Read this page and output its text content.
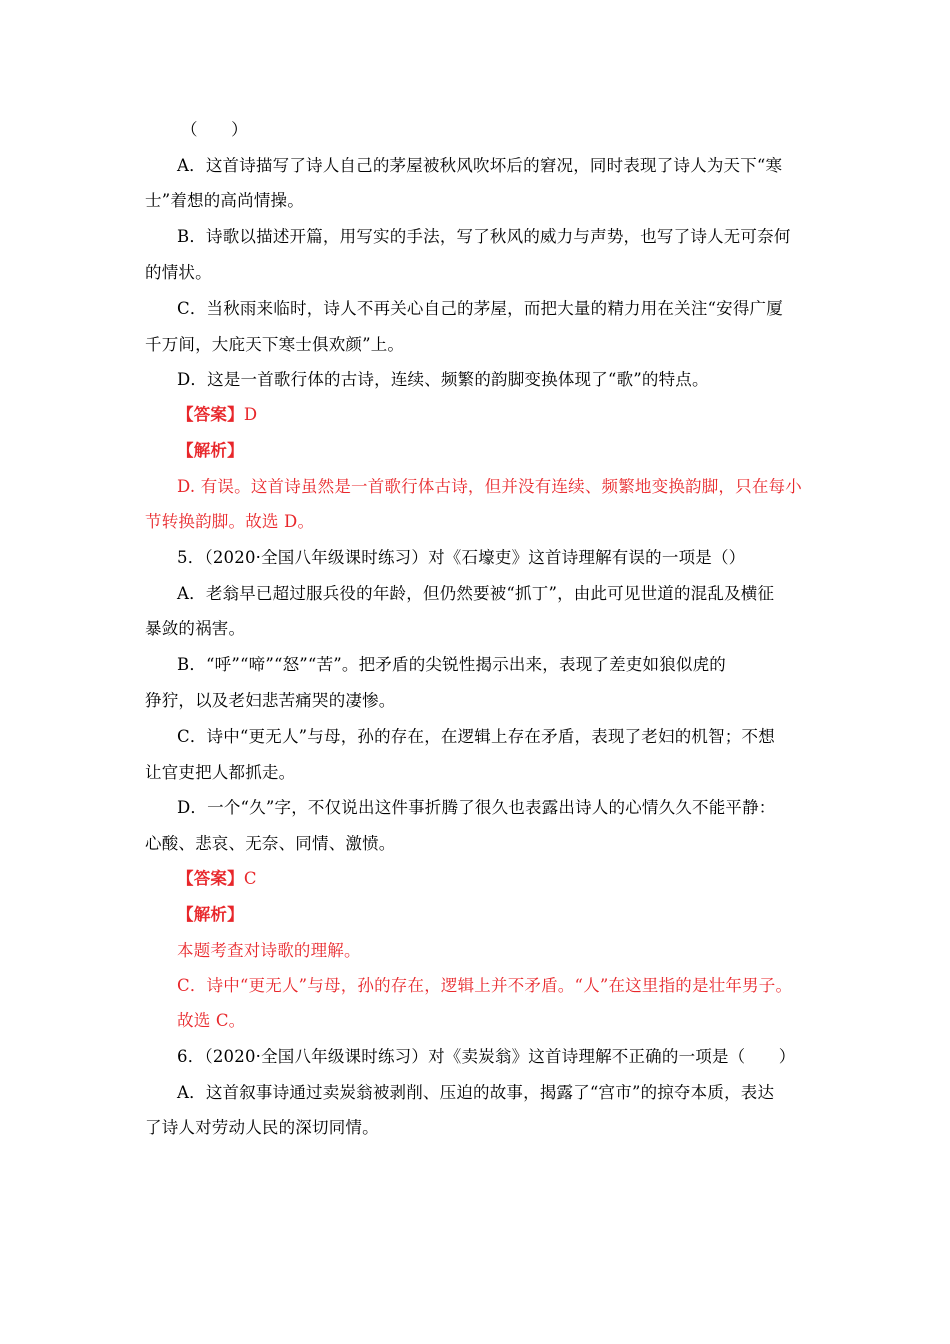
（　　）

A．这首诗描写了诗人自己的茅屋被秋风吹坏后的窘况，同时表现了诗人为天下“寒

士”着想的高尚情操。

B．诗歌以描述开篇，用写实的手法，写了秋风的威力与声势，也写了诗人无可奈何

的情状。

C．当秋雨来临时，诗人不再关心自己的茅屋，而把大量的精力用在关注“安得广厦

千万间，大庇天下寒士俱欢颜”上。

D．这是一首歌行体的古诗，连续、频繁的韵脚变换体现了“歌”的特点。

【答案】D

【解析】

D. 有误。这首诗虽然是一首歌行体古诗，但并没有连续、频繁地变换韵脚，只在每小

节转换韵脚。故选 D。

5．（2020·全国八年级课时练习）对《石壕吏》这首诗理解有误的一项是（）

A．老翁早已超过服兵役的年龄，但仍然要被“抓丁”，由此可见世道的混乱及横征

暴敛的祸害。

B．“呼”“啼”“怒”“苦”。把矛盾的尖锐性揭示出来，表现了差吏如狼似虎的

狰狞，以及老妇悲苦痛哭的凄惨。

C．诗中“更无人”与母，孙的存在，在逻辑上存在矛盾，表现了老妇的机智；不想

让官吏把人都抓走。

D．一个“久”字，不仅说出这件事折腾了很久也表露出诗人的心情久久不能平静：

心酸、悲哀、无奈、同情、激愤。

【答案】C

【解析】

本题考查对诗歌的理解。

C．诗中“更无人”与母，孙的存在，逻辑上并不矛盾。“人”在这里指的是壮年男子。

故选 C。

6．（2020·全国八年级课时练习）对《卖炭翁》这首诗理解不正确的一项是（　　）

A．这首叙事诗通过卖炭翁被剥削、压迫的故事，揭露了“宫市”的掠夺本质，表达

了诗人对劳动人民的深切同情。
